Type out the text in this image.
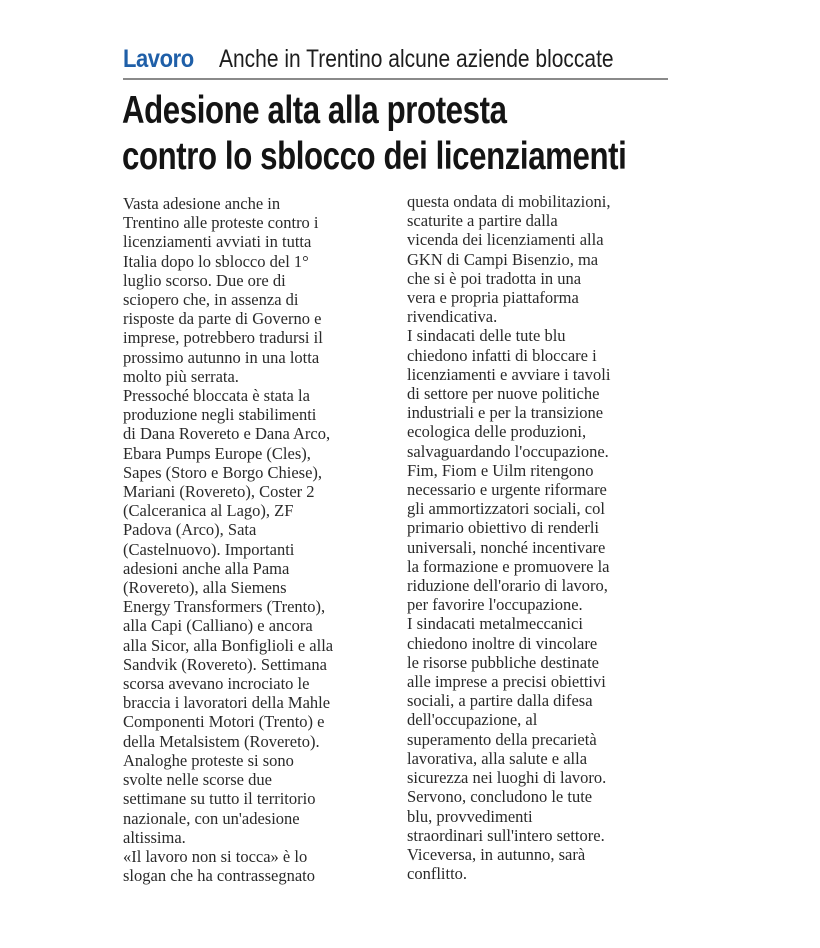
Lavoro Anche in Trentino alcune aziende bloccate
Adesione alta alla protesta
contro lo sblocco dei licenziamenti
Vasta adesione anche in
Trentino alle proteste contro i
licenziamenti avviati in tutta
Italia dopo lo sblocco del 1°
luglio scorso. Due ore di
sciopero che, in assenza di
risposte da parte di Governo e
imprese, potrebbero tradursi il
prossimo autunno in una lotta
molto più serrata.
Pressoché bloccata è stata la
produzione negli stabilimenti
di Dana Rovereto e Dana Arco,
Ebara Pumps Europe (Cles),
Sapes (Storo e Borgo Chiese),
Mariani (Rovereto), Coster 2
(Calceranica al Lago), ZF
Padova (Arco), Sata
(Castelnuovo). Importanti
adesioni anche alla Pama
(Rovereto), alla Siemens
Energy Transformers (Trento),
alla Capi (Calliano) e ancora
alla Sicor, alla Bonfiglioli e alla
Sandvik (Rovereto). Settimana
scorsa avevano incrociato le
braccia i lavoratori della Mahle
Componenti Motori (Trento) e
della Metalsistem (Rovereto).
Analoghe proteste si sono
svolte nelle scorse due
settimane su tutto il territorio
nazionale, con un'adesione
altissima.
«Il lavoro non si tocca» è lo
slogan che ha contrassegnato
questa ondata di mobilitazioni,
scaturite a partire dalla
vicenda dei licenziamenti alla
GKN di Campi Bisenzio, ma
che si è poi tradotta in una
vera e propria piattaforma
rivendicativa.
I sindacati delle tute blu
chiedono infatti di bloccare i
licenziamenti e avviare i tavoli
di settore per nuove politiche
industriali e per la transizione
ecologica delle produzioni,
salvaguardando l'occupazione.
Fim, Fiom e Uilm ritengono
necessario e urgente riformare
gli ammortizzatori sociali, col
primario obiettivo di renderli
universali, nonché incentivare
la formazione e promuovere la
riduzione dell'orario di lavoro,
per favorire l'occupazione.
I sindacati metalmeccanici
chiedono inoltre di vincolare
le risorse pubbliche destinate
alle imprese a precisi obiettivi
sociali, a partire dalla difesa
dell'occupazione, al
superamento della precarietà
lavorativa, alla salute e alla
sicurezza nei luoghi di lavoro.
Servono, concludono le tute
blu, provvedimenti
straordinari sull'intero settore.
Viceversa, in autunno, sarà
conflitto.
